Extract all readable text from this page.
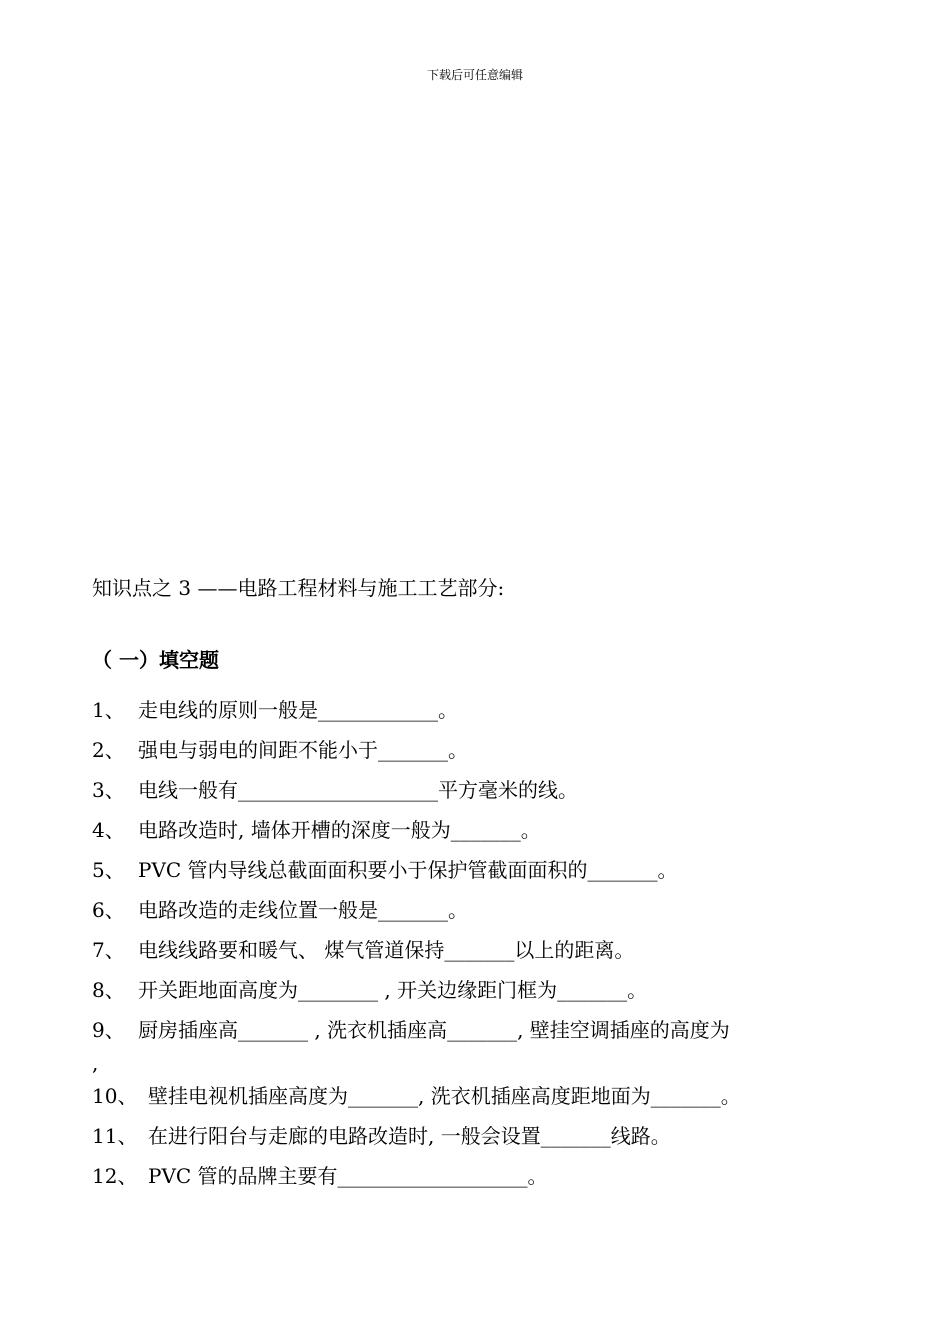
下载后可任意编辑
知识点之 3 ——电路工程材料与施工工艺部分:
（ 一）填空题
1、 走电线的原则一般是____________。
2、 强电与弱电的间距不能小于_______。
3、 电线一般有____________________平方毫米的线。
4、 电路改造时, 墙体开槽的深度一般为_______。
5、 PVC 管内导线总截面面积要小于保护管截面面积的_______。
6、 电路改造的走线位置一般是_______。
7、 电线线路要和暖气、 煤气管道保持_______以上的距离。
8、 开关距地面高度为________ , 开关边缘距门框为_______。
9、 厨房插座高_______ , 洗衣机插座高_______, 壁挂空调插座的高度为
,
10、 壁挂电视机插座高度为_______, 洗衣机插座高度距地面为_______。
11、 在进行阳台与走廊的电路改造时, 一般会设置_______线路。
12、 PVC 管的品牌主要有___________________。
